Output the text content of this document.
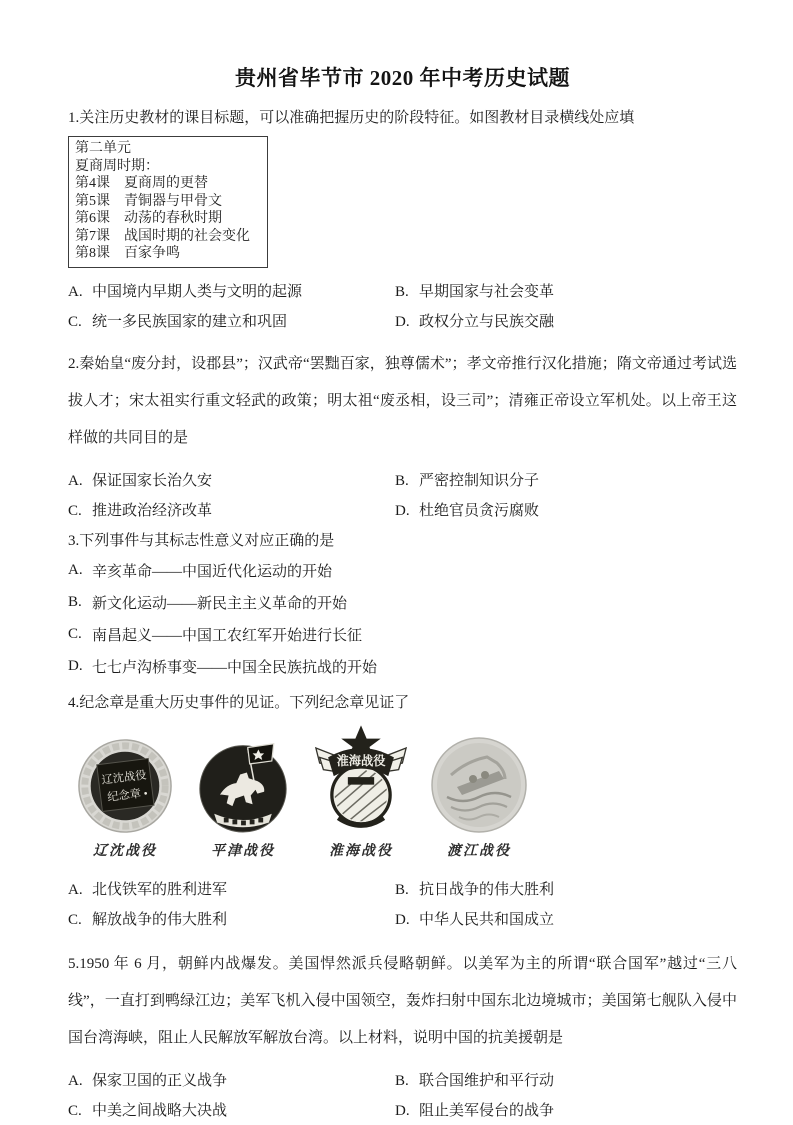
贵州省毕节市 2020 年中考历史试题

1.关注历史教材的课目标题，可以准确把握历史的阶段特征。如图教材目录横线处应填

第二单元
夏商周时期：
第4课　夏商周的更替
第5课　青铜器与甲骨文
第6课　动荡的春秋时期
第7课　战国时期的社会变化
第8课　百家争鸣
A. 中国境内早期人类与文明的起源	B. 早期国家与社会变革
C. 统一多民族国家的建立和巩固	D. 政权分立与民族交融

2.秦始皇“废分封，设郡县”；汉武帝“罢黜百家，独尊儒术”；孝文帝推行汉化措施；隋文帝通过考试选拔人才；宋太祖实行重文轻武的政策；明太祖“废丞相，设三司”；清雍正帝设立军机处。以上帝王这样做的共同目的是

A. 保证国家长治久安	B. 严密控制知识分子
C. 推进政治经济改革	D. 杜绝官员贪污腐败

3.下列事件与其标志性意义对应正确的是

A. 辛亥革命——中国近代化运动的开始
B. 新文化运动——新民主主义革命的开始
C. 南昌起义——中国工农红军开始进行长征
D. 七七卢沟桥事变——中国全民族抗战的开始

4.纪念章是重大历史事件的见证。下列纪念章见证了

辽沈战役
纪念章
辽沈战役	平津战役
淮海战役
淮海战役	渡江战役
A. 北伐铁军的胜利进军	B. 抗日战争的伟大胜利
C. 解放战争的伟大胜利	D. 中华人民共和国成立

5.1950 年 6 月，朝鲜内战爆发。美国悍然派兵侵略朝鲜。以美军为主的所谓“联合国军”越过“三八线”，一直打到鸭绿江边；美军飞机入侵中国领空，轰炸扫射中国东北边境城市；美国第七舰队入侵中国台湾海峡，阻止人民解放军解放台湾。以上材料，说明中国的抗美援朝是

A. 保家卫国的正义战争	B. 联合国维护和平行动
C. 中美之间战略大决战	D. 阻止美军侵台的战争
